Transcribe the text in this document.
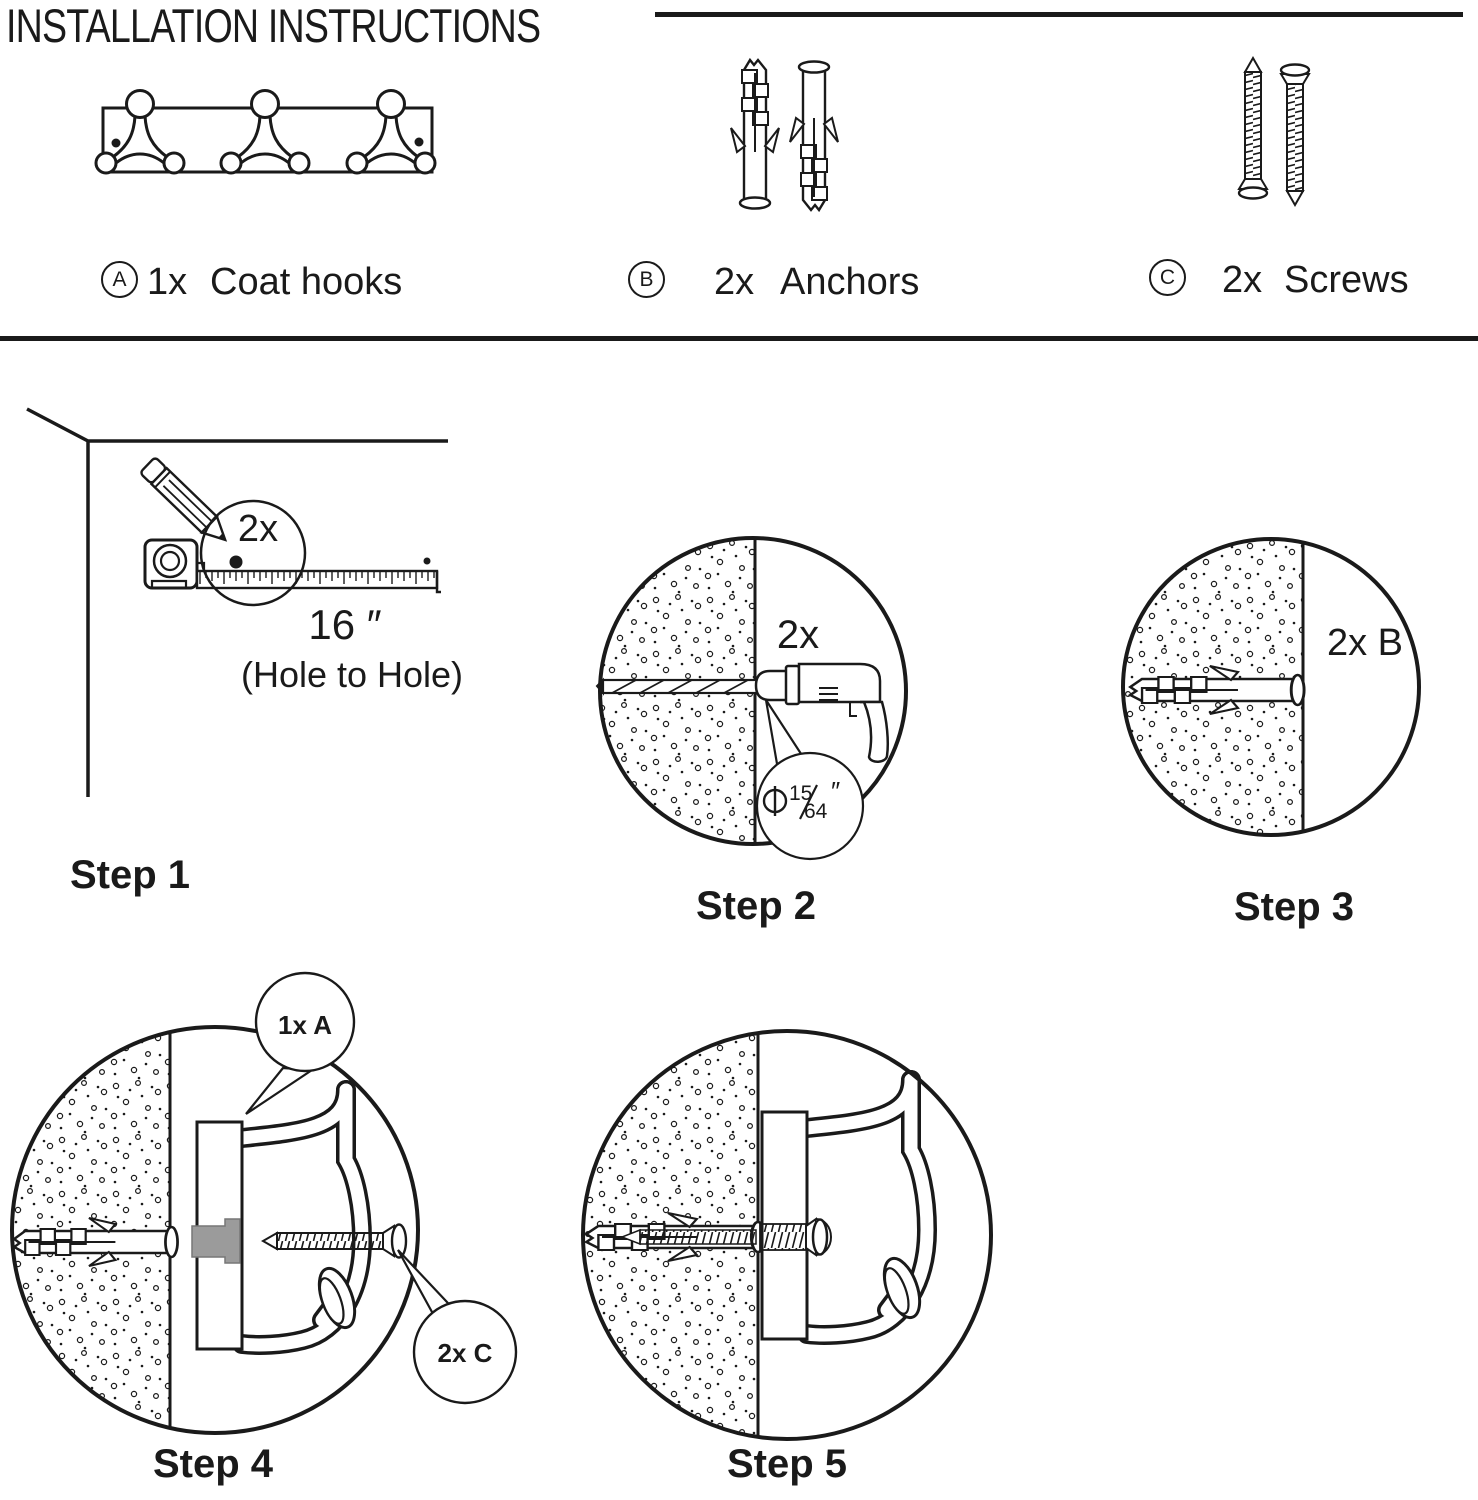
INSTALLATION INSTRUCTIONS
A 1x Coat hooks	B 2x Anchors	C 2x Screws
2x
16 ″
(Hole to Hole)
Step 1
2x
15
64
″
Step 2
2x B
Step 3
1x A
2x C
Step 4	Step 5
